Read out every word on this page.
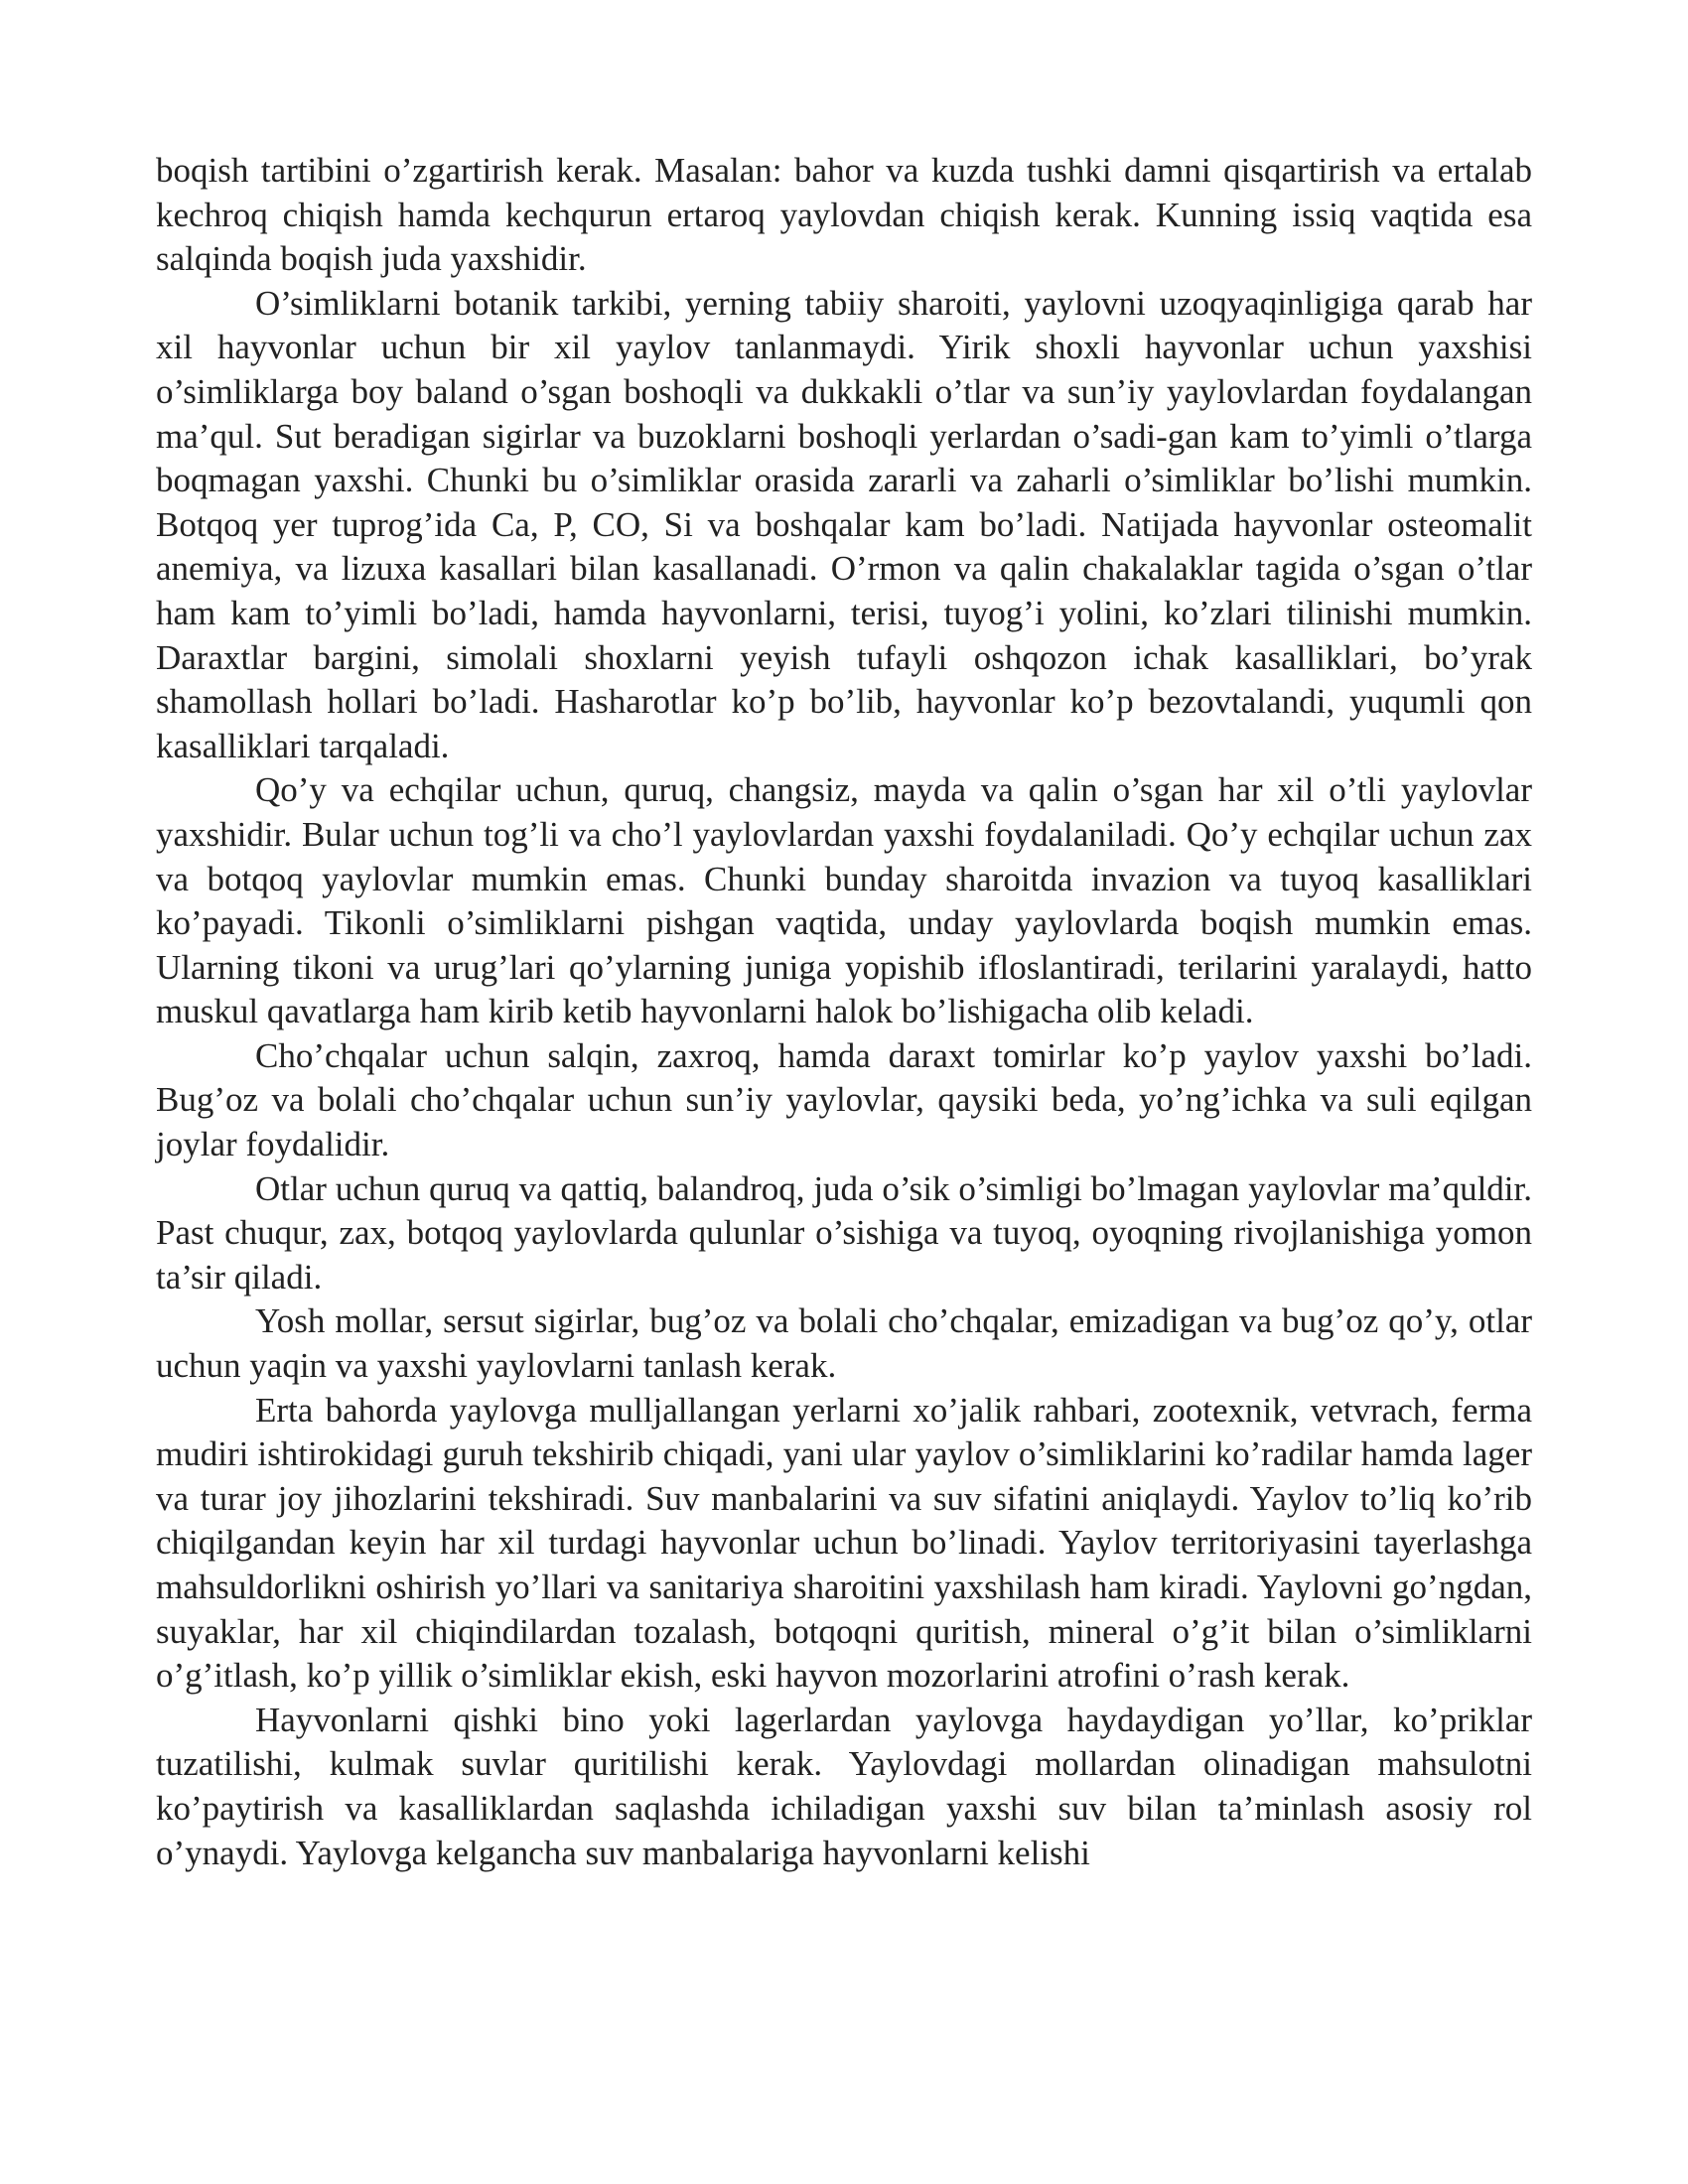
boqish tartibini o’zgartirish kerak. Masalan: bahor va kuzda tushki damni qisqartirish va ertalab kechroq chiqish hamda kechqurun ertaroq yaylovdan chiqish kerak. Kunning issiq vaqtida esa salqinda boqish juda yaxshidir.

O’simliklarni botanik tarkibi, yerning tabiiy sharoiti, yaylovni uzoqyaqinligiga qarab har xil hayvonlar uchun bir xil yaylov tanlanmaydi. Yirik shoxli hayvonlar uchun yaxshisi o’simliklarga boy baland o’sgan boshoqli va dukkakli o’tlar va sun’iy yaylovlardan foydalangan ma’qul. Sut beradigan sigirlar va buzoklarni boshoqli yerlardan o’sadi-gan kam to’yimli o’tlarga boqmagan yaxshi. Chunki bu o’simliklar orasida zararli va zaharli o’simliklar bo’lishi mumkin. Botqoq yer tuprog’ida Ca, P, CO, Si va boshqalar kam bo’ladi. Natijada hayvonlar osteomalit anemiya, va lizuxa kasallari bilan kasallanadi. O’rmon va qalin chakalaklar tagida o’sgan o’tlar ham kam to’yimli bo’ladi, hamda hayvonlarni, terisi, tuyog’i yolini, ko’zlari tilinishi mumkin. Daraxtlar bargini, simolali shoxlarni yeyish tufayli oshqozon ichak kasalliklari, bo’yrak shamollash hollari bo’ladi. Hasharotlar ko’p bo’lib, hayvonlar ko’p bezovtalandi, yuqumli qon kasalliklari tarqaladi.

Qo’y va echqilar uchun, quruq, changsiz, mayda va qalin o’sgan har xil o’tli yaylovlar yaxshidir. Bular uchun tog’li va cho’l yaylovlardan yaxshi foydalaniladi. Qo’y echqilar uchun zax va botqoq yaylovlar mumkin emas. Chunki bunday sharoitda invazion va tuyoq kasalliklari ko’payadi. Tikonli o’simliklarni pishgan vaqtida, unday yaylovlarda boqish mumkin emas. Ularning tikoni va urug’lari qo’ylarning juniga yopishib ifloslantiradi, terilarini yaralaydi, hatto muskul qavatlarga ham kirib ketib hayvonlarni halok bo’lishigacha olib keladi.

Cho’chqalar uchun salqin, zaxroq, hamda daraxt tomirlar ko’p yaylov yaxshi bo’ladi. Bug’oz va bolali cho’chqalar uchun sun’iy yaylovlar, qaysiki beda, yo’ng’ichka va suli eqilgan joylar foydalidir.

Otlar uchun quruq va qattiq, balandroq, juda o’sik o’simligi bo’lmagan yaylovlar ma’quldir. Past chuqur, zax, botqoq yaylovlarda qulunlar o’sishiga va tuyoq, oyoqning rivojlanishiga yomon ta’sir qiladi.

Yosh mollar, sersut sigirlar, bug’oz va bolali cho’chqalar, emizadigan va bug’oz qo’y, otlar uchun yaqin va yaxshi yaylovlarni tanlash kerak.

Erta bahorda yaylovga mulljallangan yerlarni xo’jalik rahbari, zootexnik, vetvrach, ferma mudiri ishtirokidagi guruh tekshirib chiqadi, yani ular yaylov o’simliklarini ko’radilar hamda lager va turar joy jihozlarini tekshiradi. Suv manbalarini va suv sifatini aniqlaydi. Yaylov to’liq ko’rib chiqilgandan keyin har xil turdagi hayvonlar uchun bo’linadi. Yaylov territoriyasini tayerlashga mahsuldorlikni oshirish yo’llari va sanitariya sharoitini yaxshilash ham kiradi. Yaylovni go’ngdan, suyaklar, har xil chiqindilardan tozalash, botqoqni quritish, mineral o’g’it bilan o’simliklarni o’g’itlash, ko’p yillik o’simliklar ekish, eski hayvon mozorlarini atrofini o’rash kerak.

Hayvonlarni qishki bino yoki lagerlardan yaylovga haydaydigan yo’llar, ko’priklar tuzatilishi, kulmak suvlar quritilishi kerak. Yaylovdagi mollardan olinadigan mahsulotni ko’paytirish va kasalliklardan saqlashda ichiladigan yaxshi suv bilan ta’minlash asosiy rol o’ynaydi. Yaylovga kelgancha suv manbalariga hayvonlarni kelishi
